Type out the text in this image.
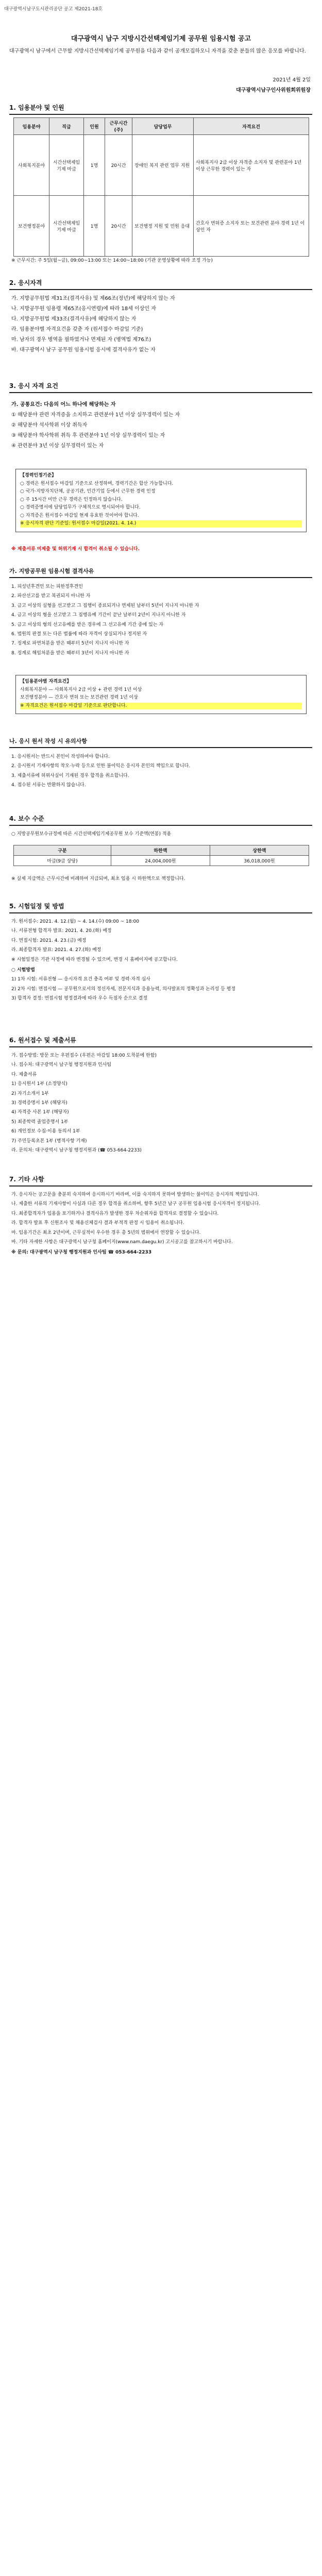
대구광역시남구도시관리공단 공고 제2021-18호
대구광역시 남구 지방시간선택제임기제 공무원 임용시험 공고
대구광역시 남구에서 근무할 지방시간선택제임기제 공무원을 다음과 같이 공개모집하오니 자격을 갖춘 분들의 많은 응모를 바랍니다.
2021년 4월 2일
대구광역시남구인사위원회위원장
1. 임용분야 및 인원
임용분야	직급	인원	근무시간(주)	담당업무	자격요건
사회복지분야	시간선택제임기제 마급	1명	20시간	장애인 복지 관련 업무 지원	사회복지사 2급 이상 자격증 소지자 및 관련분야 1년 이상 근무한 경력이 있는 자
보건행정분야	시간선택제임기제 마급	1명	20시간	보건행정 지원 및 민원 응대	간호사 면허증 소지자 또는 보건관련 분야 경력 1년 이상인 자
※ 근무시간: 주 5일(월~금), 09:00~13:00 또는 14:00~18:00 (기관 운영상황에 따라 조정 가능)
2. 응시자격

가. 지방공무원법 제31조(결격사유) 및 제66조(정년)에 해당하지 않는 자

나. 지방공무원 임용령 제65조(응시연령)에 따라 18세 이상인 자

다. 지방공무원법 제33조(결격사유)에 해당하지 않는 자

라. 임용분야별 자격요건을 갖춘 자 (원서접수 마감일 기준)

마. 남자의 경우 병역을 필하였거나 면제된 자 (병역법 제76조)

바. 대구광역시 남구 공무원 임용시험 응시에 결격사유가 없는 자

3. 응시 자격 요건

가. 공통요건: 다음의 어느 하나에 해당하는 자

① 해당분야 관련 자격증을 소지하고 관련분야 1년 이상 실무경력이 있는 자

② 해당분야 석사학위 이상 취득자

③ 해당분야 학사학위 취득 후 관련분야 1년 이상 실무경력이 있는 자

④ 관련분야 3년 이상 실무경력이 있는 자

【경력인정기준】

○ 경력은 원서접수 마감일 기준으로 산정하며, 경력기간은 합산 가능합니다.

○ 국가·지방자치단체, 공공기관, 민간기업 등에서 근무한 경력 인정

○ 주 15시간 미만 근무 경력은 인정하지 않습니다.

○ 경력증명서에 담당업무가 구체적으로 명시되어야 합니다.

○ 자격증은 원서접수 마감일 현재 유효한 것이어야 합니다.

※ 응시자격 판단 기준일: 원서접수 마감일(2021. 4. 14.)

※ 제출서류 미제출 및 허위기재 시 합격이 취소될 수 있습니다.
가. 지방공무원 임용시험 결격사유

1. 피성년후견인 또는 피한정후견인

2. 파산선고를 받고 복권되지 아니한 자

3. 금고 이상의 실형을 선고받고 그 집행이 종료되거나 면제된 날부터 5년이 지나지 아니한 자

4. 금고 이상의 형을 선고받고 그 집행유예 기간이 끝난 날부터 2년이 지나지 아니한 자

5. 금고 이상의 형의 선고유예를 받은 경우에 그 선고유예 기간 중에 있는 자

6. 법원의 판결 또는 다른 법률에 따라 자격이 상실되거나 정지된 자

7. 징계로 파면처분을 받은 때부터 5년이 지나지 아니한 자

8. 징계로 해임처분을 받은 때부터 3년이 지나지 아니한 자

【임용분야별 자격요건】

사회복지분야 — 사회복지사 2급 이상 + 관련 경력 1년 이상

보건행정분야 — 간호사 면허 또는 보건관련 경력 1년 이상

※ 자격요건은 원서접수 마감일 기준으로 판단합니다.

나. 응시 원서 작성 시 유의사항

1. 응시원서는 반드시 본인이 작성하여야 합니다.

2. 응시원서 기재사항의 착오·누락 등으로 인한 불이익은 응시자 본인의 책임으로 합니다.

3. 제출서류에 허위사실이 기재된 경우 합격을 취소합니다.

4. 접수된 서류는 반환하지 않습니다.

4. 보수 수준

○ 지방공무원보수규정에 따른 시간선택제임기제공무원 보수 기준액(연봉) 적용

구분	하한액	상한액
마급(9급 상당)	24,004,000원	36,018,000원
※ 실제 지급액은 근무시간에 비례하여 지급되며, 최초 임용 시 하한액으로 책정합니다.
5. 시험일정 및 방법

가. 원서접수: 2021. 4. 12.(월) ~ 4. 14.(수) 09:00 ~ 18:00

나. 서류전형 합격자 발표: 2021. 4. 20.(화) 예정

다. 면접시험: 2021. 4. 23.(금) 예정

라. 최종합격자 발표: 2021. 4. 27.(화) 예정

※ 시험일정은 기관 사정에 따라 변경될 수 있으며, 변경 시 홈페이지에 공고합니다.

○ 시험방법

1) 1차 시험: 서류전형 — 응시자격 요건 충족 여부 및 경력·자격 심사

2) 2차 시험: 면접시험 — 공무원으로서의 정신자세, 전문지식과 응용능력, 의사발표의 정확성과 논리성 등 평정

3) 합격자 결정: 면접시험 평정결과에 따라 우수 득점자 순으로 결정

6. 원서접수 및 제출서류

가. 접수방법: 방문 또는 우편접수 (우편은 마감일 18:00 도착분에 한함)

나. 접수처: 대구광역시 남구청 행정지원과 인사팀

다. 제출서류

1) 응시원서 1부 (소정양식)

2) 자기소개서 1부

3) 경력증명서 1부 (해당자)

4) 자격증 사본 1부 (해당자)

5) 최종학력 졸업증명서 1부

6) 개인정보 수집·이용 동의서 1부

7) 주민등록초본 1부 (병적사항 기재)

라. 문의처: 대구광역시 남구청 행정지원과 (☎ 053-664-2233)

7. 기타 사항

가. 응시자는 공고문을 충분히 숙지하여 응시하시기 바라며, 이를 숙지하지 못하여 발생하는 불이익은 응시자의 책임입니다.

나. 제출한 서류의 기재사항이 사실과 다른 경우 합격을 취소하며, 향후 5년간 남구 공무원 임용시험 응시자격이 정지됩니다.

다. 최종합격자가 임용을 포기하거나 결격사유가 발생한 경우 차순위자를 합격자로 결정할 수 있습니다.

라. 합격자 발표 후 신원조사 및 채용신체검사 결과 부적격 판정 시 임용이 취소됩니다.

마. 임용기간은 최초 2년이며, 근무실적이 우수한 경우 총 5년의 범위에서 연장할 수 있습니다.

바. 기타 자세한 사항은 대구광역시 남구청 홈페이지(www.nam.daegu.kr) 고시공고를 참고하시기 바랍니다.

※ 문의: 대구광역시 남구청 행정지원과 인사팀 ☎ 053-664-2233
